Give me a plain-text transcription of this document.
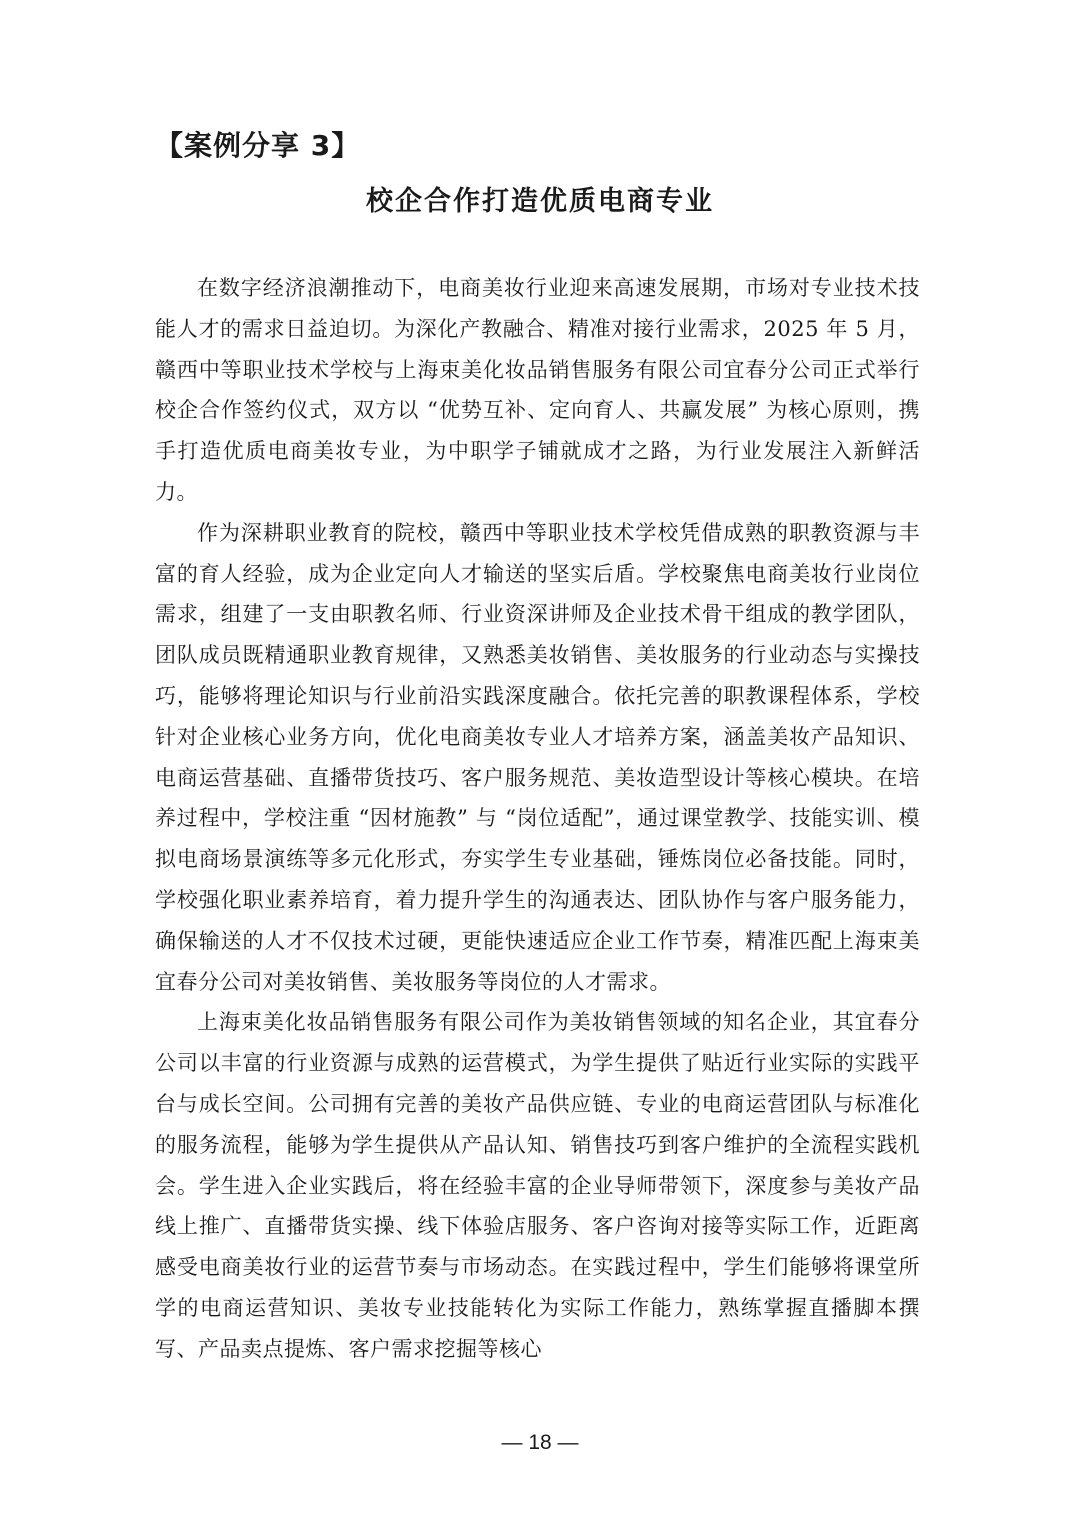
【案例分享 3】
校企合作打造优质电商专业

在数字经济浪潮推动下，电商美妆行业迎来高速发展期，市场对专业技术技能人才的需求日益迫切。为深化产教融合、精准对接行业需求，2025 年 5 月，赣西中等职业技术学校与上海束美化妆品销售服务有限公司宜春分公司正式举行校企合作签约仪式，双方以 “优势互补、定向育人、共赢发展” 为核心原则，携手打造优质电商美妆专业，为中职学子铺就成才之路，为行业发展注入新鲜活力。

作为深耕职业教育的院校，赣西中等职业技术学校凭借成熟的职教资源与丰富的育人经验，成为企业定向人才输送的坚实后盾。学校聚焦电商美妆行业岗位需求，组建了一支由职教名师、行业资深讲师及企业技术骨干组成的教学团队，团队成员既精通职业教育规律，又熟悉美妆销售、美妆服务的行业动态与实操技巧，能够将理论知识与行业前沿实践深度融合。依托完善的职教课程体系，学校针对企业核心业务方向，优化电商美妆专业人才培养方案，涵盖美妆产品知识、电商运营基础、直播带货技巧、客户服务规范、美妆造型设计等核心模块。在培养过程中，学校注重 “因材施教” 与 “岗位适配”，通过课堂教学、技能实训、模拟电商场景演练等多元化形式，夯实学生专业基础，锤炼岗位必备技能。同时，学校强化职业素养培育，着力提升学生的沟通表达、团队协作与客户服务能力，确保输送的人才不仅技术过硬，更能快速适应企业工作节奏，精准匹配上海束美宜春分公司对美妆销售、美妆服务等岗位的人才需求。

上海束美化妆品销售服务有限公司作为美妆销售领域的知名企业，其宜春分公司以丰富的行业资源与成熟的运营模式，为学生提供了贴近行业实际的实践平台与成长空间。公司拥有完善的美妆产品供应链、专业的电商运营团队与标准化的服务流程，能够为学生提供从产品认知、销售技巧到客户维护的全流程实践机会。学生进入企业实践后，将在经验丰富的企业导师带领下，深度参与美妆产品线上推广、直播带货实操、线下体验店服务、客户咨询对接等实际工作，近距离感受电商美妆行业的运营节奏与市场动态。在实践过程中，学生们能够将课堂所学的电商运营知识、美妆专业技能转化为实际工作能力，熟练掌握直播脚本撰写、产品卖点提炼、客户需求挖掘等核心

— 18 —
